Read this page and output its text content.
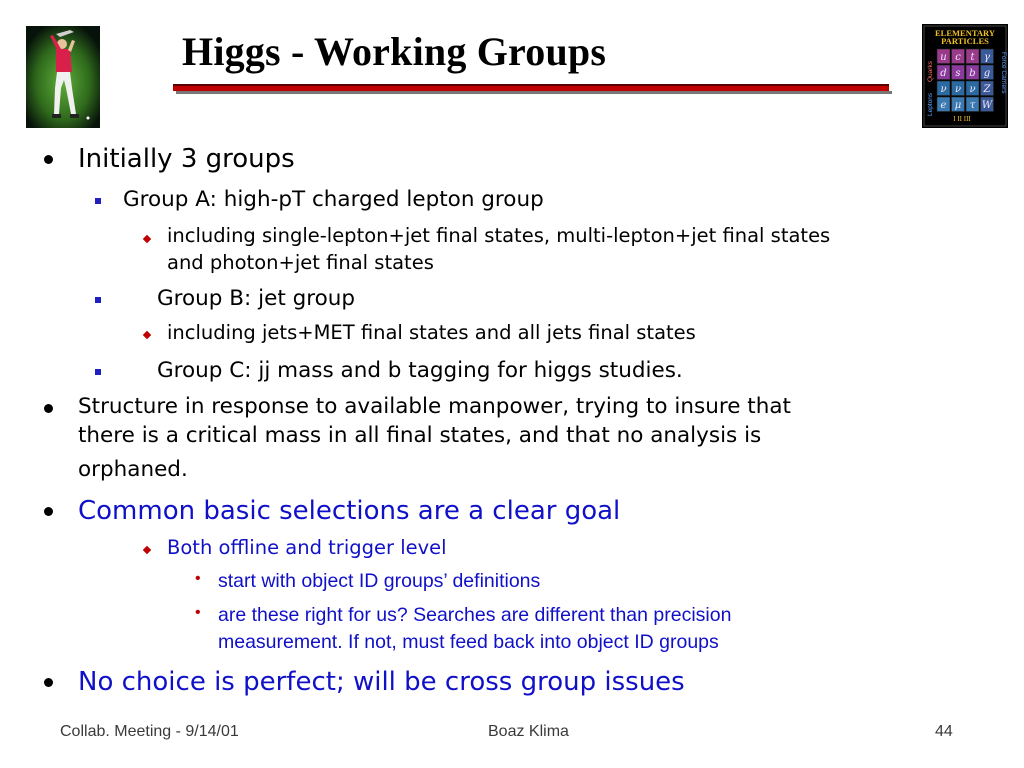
Higgs - Working Groups	ELEMENTARY
PARTICLES
u c t γ
d s b g
ν ν ν Z
e μ τ W
Leptons
Quarks	Force Carriers
I II III
Initially 3 groups
Group A: high-pT charged lepton group
including single-lepton+jet final states, multi-lepton+jet final states
and photon+jet final states
Group B: jet group
including jets+MET final states and all jets final states
Group C: jj mass and b tagging for higgs studies.
Structure in response to available manpower, trying to insure that
there is a critical mass in all final states, and that no analysis is
orphaned.
Common basic selections are a clear goal
Both offline and trigger level
• start with object ID groups’ definitions
• are these right for us? Searches are different than precision
measurement. If not, must feed back into object ID groups
No choice is perfect; will be cross group issues
Collab. Meeting - 9/14/01	Boaz Klima	44
